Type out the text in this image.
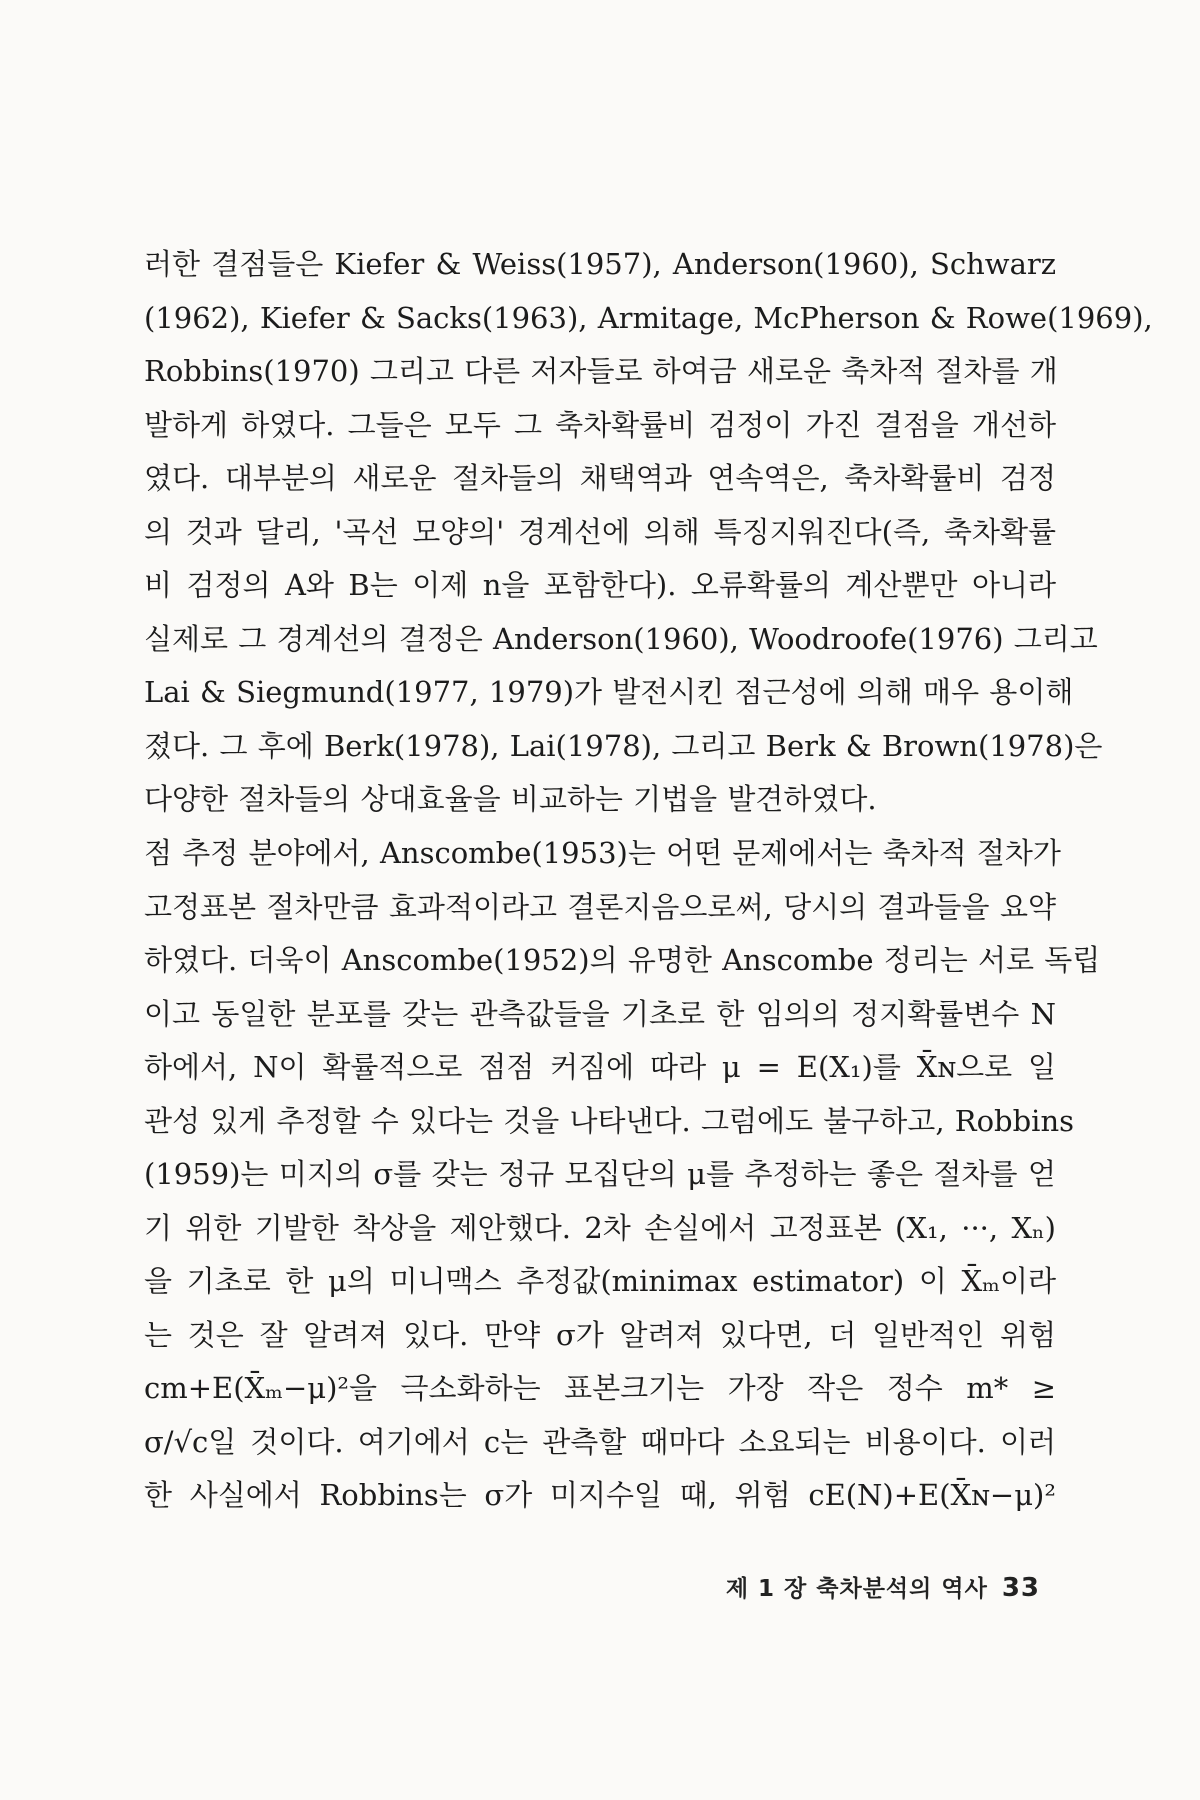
러한 결점들은 Kiefer & Weiss(1957), Anderson(1960), Schwarz
(1962), Kiefer & Sacks(1963), Armitage, McPherson & Rowe(1969),
Robbins(1970) 그리고 다른 저자들로 하여금 새로운 축차적 절차를 개
발하게 하였다. 그들은 모두 그 축차확률비 검정이 가진 결점을 개선하
였다. 대부분의 새로운 절차들의 채택역과 연속역은, 축차확률비 검정
의 것과 달리, '곡선 모양의' 경계선에 의해 특징지워진다(즉, 축차확률
비 검정의 A와 B는 이제 n을 포함한다). 오류확률의 계산뿐만 아니라
실제로 그 경계선의 결정은 Anderson(1960), Woodroofe(1976) 그리고
Lai & Siegmund(1977, 1979)가 발전시킨 점근성에 의해 매우 용이해
졌다. 그 후에 Berk(1978), Lai(1978), 그리고 Berk & Brown(1978)은
다양한 절차들의 상대효율을 비교하는 기법을 발견하였다.
점 추정 분야에서, Anscombe(1953)는 어떤 문제에서는 축차적 절차가
고정표본 절차만큼 효과적이라고 결론지음으로써, 당시의 결과들을 요약
하였다. 더욱이 Anscombe(1952)의 유명한 Anscombe 정리는 서로 독립
이고 동일한 분포를 갖는 관측값들을 기초로 한 임의의 정지확률변수 N
하에서, N이 확률적으로 점점 커짐에 따라 μ = E(X₁)를 X̄ɴ으로 일
관성 있게 추정할 수 있다는 것을 나타낸다. 그럼에도 불구하고, Robbins
(1959)는 미지의 σ를 갖는 정규 모집단의 μ를 추정하는 좋은 절차를 얻
기 위한 기발한 착상을 제안했다. 2차 손실에서 고정표본 (X₁, ···, Xₙ)
을 기초로 한 μ의 미니맥스 추정값(minimax estimator) 이 X̄ₘ이라
는 것은 잘 알려져 있다. 만약 σ가 알려져 있다면, 더 일반적인 위험
cm+E(X̄ₘ−μ)²을 극소화하는 표본크기는 가장 작은 정수 m* ≥
σ/√c일 것이다. 여기에서 c는 관측할 때마다 소요되는 비용이다. 이러
한 사실에서 Robbins는 σ가 미지수일 때, 위험 cE(N)+E(X̄ɴ−μ)²
제 1 장 축차분석의 역사 33
